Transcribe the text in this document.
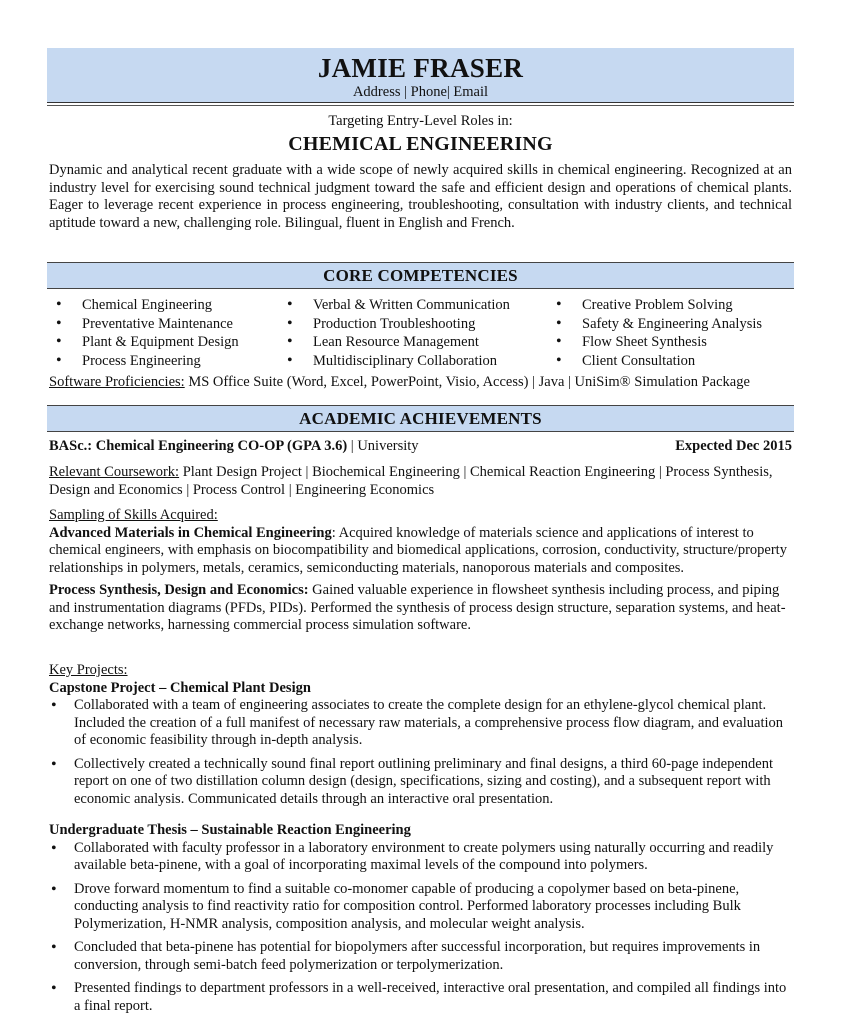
JAMIE FRASER
Address | Phone| Email
Targeting Entry-Level Roles in:
CHEMICAL ENGINEERING
Dynamic and analytical recent graduate with a wide scope of newly acquired skills in chemical engineering. Recognized at an industry level for exercising sound technical judgment toward the safe and efficient design and operations of chemical plants. Eager to leverage recent experience in process engineering, troubleshooting, consultation with industry clients, and technical aptitude toward a new, challenging role. Bilingual, fluent in English and French.
CORE COMPETENCIES
• Chemical Engineering
• Preventative Maintenance
• Plant & Equipment Design
• Process Engineering
• Verbal & Written Communication
• Production Troubleshooting
• Lean Resource Management
• Multidisciplinary Collaboration
• Creative Problem Solving
• Safety & Engineering Analysis
• Flow Sheet Synthesis
• Client Consultation
Software Proficiencies: MS Office Suite (Word, Excel, PowerPoint, Visio, Access) | Java | UniSim® Simulation Package
ACADEMIC ACHIEVEMENTS
BASc.: Chemical Engineering CO-OP (GPA 3.6) | University	Expected Dec 2015

Relevant Coursework: Plant Design Project | Biochemical Engineering | Chemical Reaction Engineering | Process Synthesis, Design and Economics | Process Control | Engineering Economics

Sampling of Skills Acquired:

Advanced Materials in Chemical Engineering: Acquired knowledge of materials science and applications of interest to chemical engineers, with emphasis on biocompatibility and biomedical applications, corrosion, conductivity, structure/property relationships in polymers, metals, ceramics, semiconducting materials, nanoporous materials and composites.

Process Synthesis, Design and Economics: Gained valuable experience in flowsheet synthesis including process, and piping and instrumentation diagrams (PFDs, PIDs). Performed the synthesis of process design structure, separation systems, and heat-exchange networks, harnessing commercial process simulation software.

Key Projects:

Capstone Project – Chemical Plant Design

• Collaborated with a team of engineering associates to create the complete design for an ethylene-glycol chemical plant. Included the creation of a full manifest of necessary raw materials, a comprehensive process flow diagram, and evaluation of economic feasibility through in-depth analysis.
• Collectively created a technically sound final report outlining preliminary and final designs, a third 60-page independent report on one of two distillation column design (design, specifications, sizing and costing), and a subsequent report with economic analysis. Communicated details through an interactive oral presentation.

Undergraduate Thesis – Sustainable Reaction Engineering

• Collaborated with faculty professor in a laboratory environment to create polymers using naturally occurring and readily available beta-pinene, with a goal of incorporating maximal levels of the compound into polymers.
• Drove forward momentum to find a suitable co-monomer capable of producing a copolymer based on beta-pinene, conducting analysis to find reactivity ratio for composition control. Performed laboratory processes including Bulk Polymerization, H-NMR analysis, composition analysis, and molecular weight analysis.
• Concluded that beta-pinene has potential for biopolymers after successful incorporation, but requires improvements in conversion, through semi-batch feed polymerization or terpolymerization.
• Presented findings to department professors in a well-received, interactive oral presentation, and compiled all findings into a final report.
